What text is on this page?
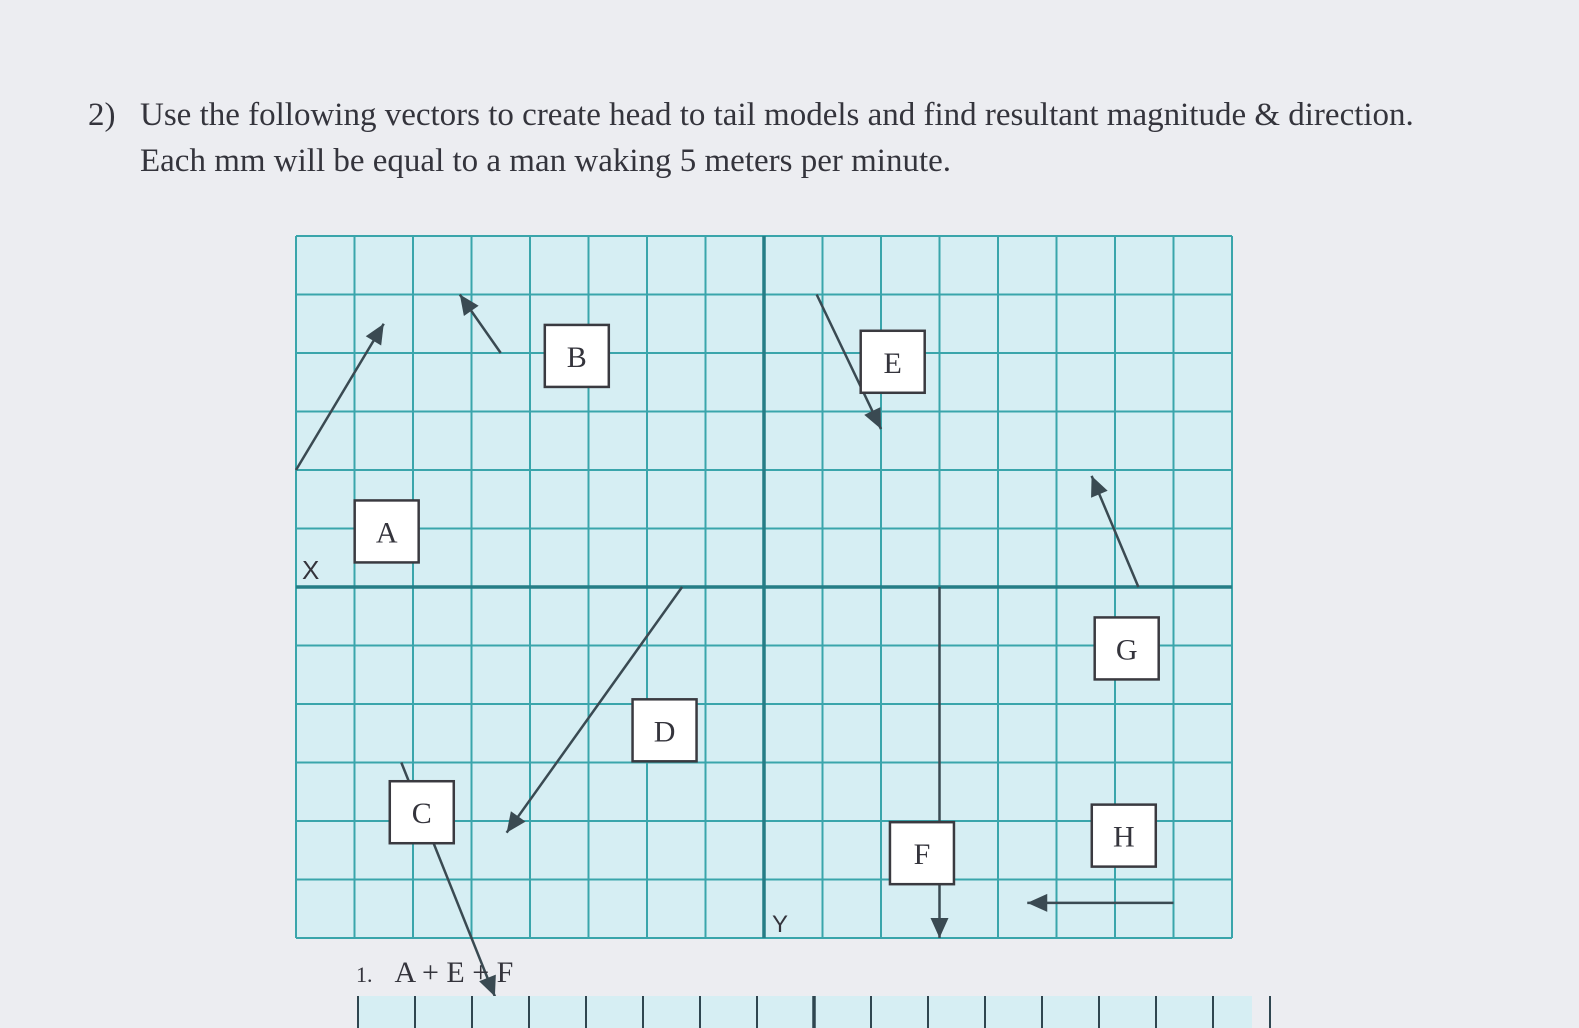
2) Use the following vectors to create head to tail models and find resultant magnitude & direction.
Each mm will be equal to a man waking 5 meters per minute.
X
Y
A
B
C
D
E
F
G
H
1. A + E + F
